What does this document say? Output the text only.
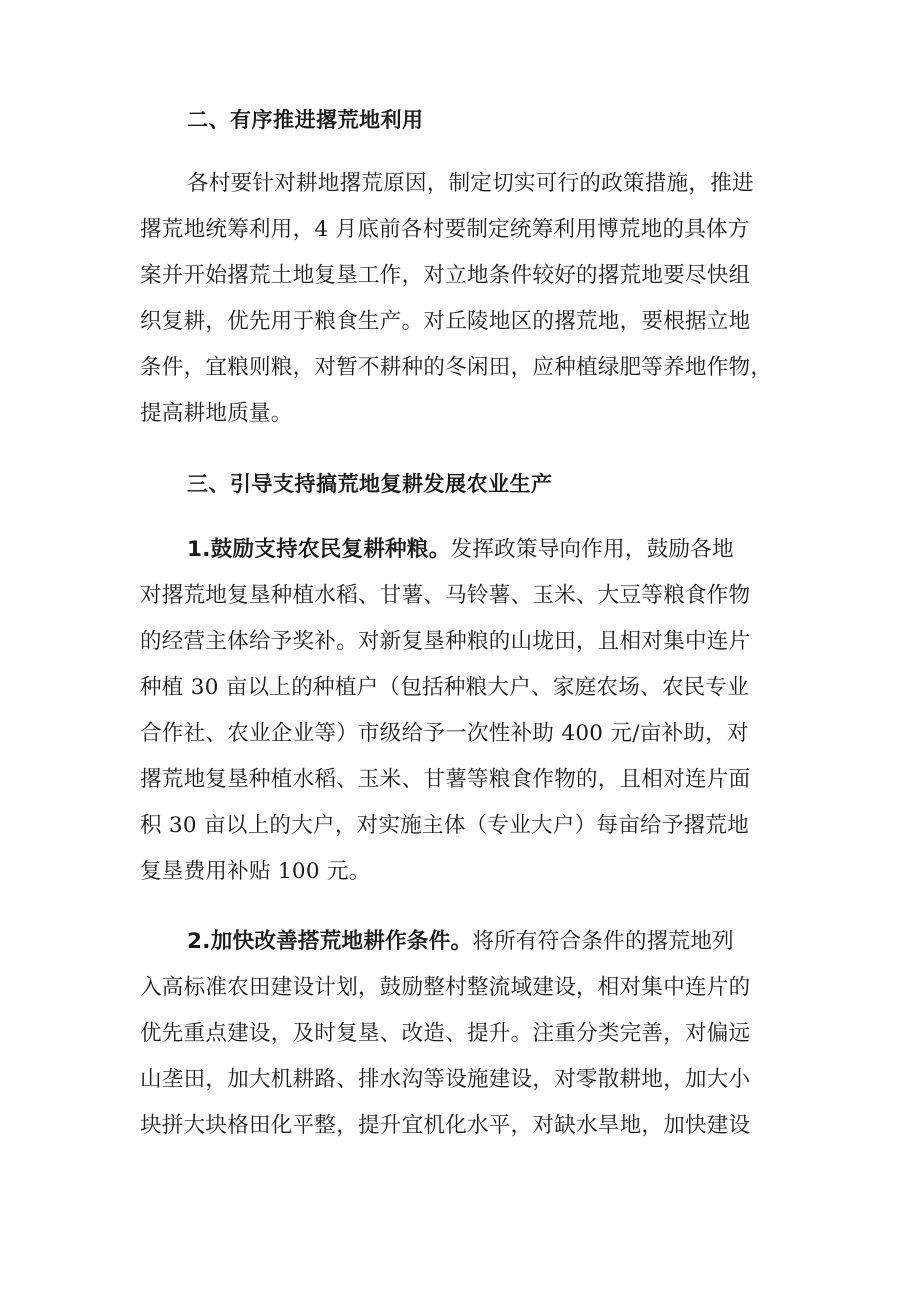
二、有序推进撂荒地利用
各村要针对耕地撂荒原因，制定切实可行的政策措施，推进
撂荒地统筹利用，4 月底前各村要制定统筹利用博荒地的具体方
案并开始撂荒土地复垦工作，对立地条件较好的撂荒地要尽快组
织复耕，优先用于粮食生产。对丘陵地区的撂荒地，要根据立地
条件，宜粮则粮，对暂不耕种的冬闲田，应种植绿肥等养地作物，
提高耕地质量。
三、引导支持搞荒地复耕发展农业生产
1.鼓励支持农民复耕种粮。发挥政策导向作用，鼓励各地
对撂荒地复垦种植水稻、甘薯、马铃薯、玉米、大豆等粮食作物
的经营主体给予奖补。对新复垦种粮的山垅田，且相对集中连片
种植 30 亩以上的种植户（包括种粮大户、家庭农场、农民专业
合作社、农业企业等）市级给予一次性补助 400 元/亩补助，对
撂荒地复垦种植水稻、玉米、甘薯等粮食作物的，且相对连片面
积 30 亩以上的大户，对实施主体（专业大户）每亩给予撂荒地
复垦费用补贴 100 元。
2.加快改善搭荒地耕作条件。将所有符合条件的撂荒地列
入高标准农田建设计划，鼓励整村整流域建设，相对集中连片的
优先重点建设，及时复垦、改造、提升。注重分类完善，对偏远
山垄田，加大机耕路、排水沟等设施建设，对零散耕地，加大小
块拼大块格田化平整，提升宜机化水平，对缺水旱地，加快建设
